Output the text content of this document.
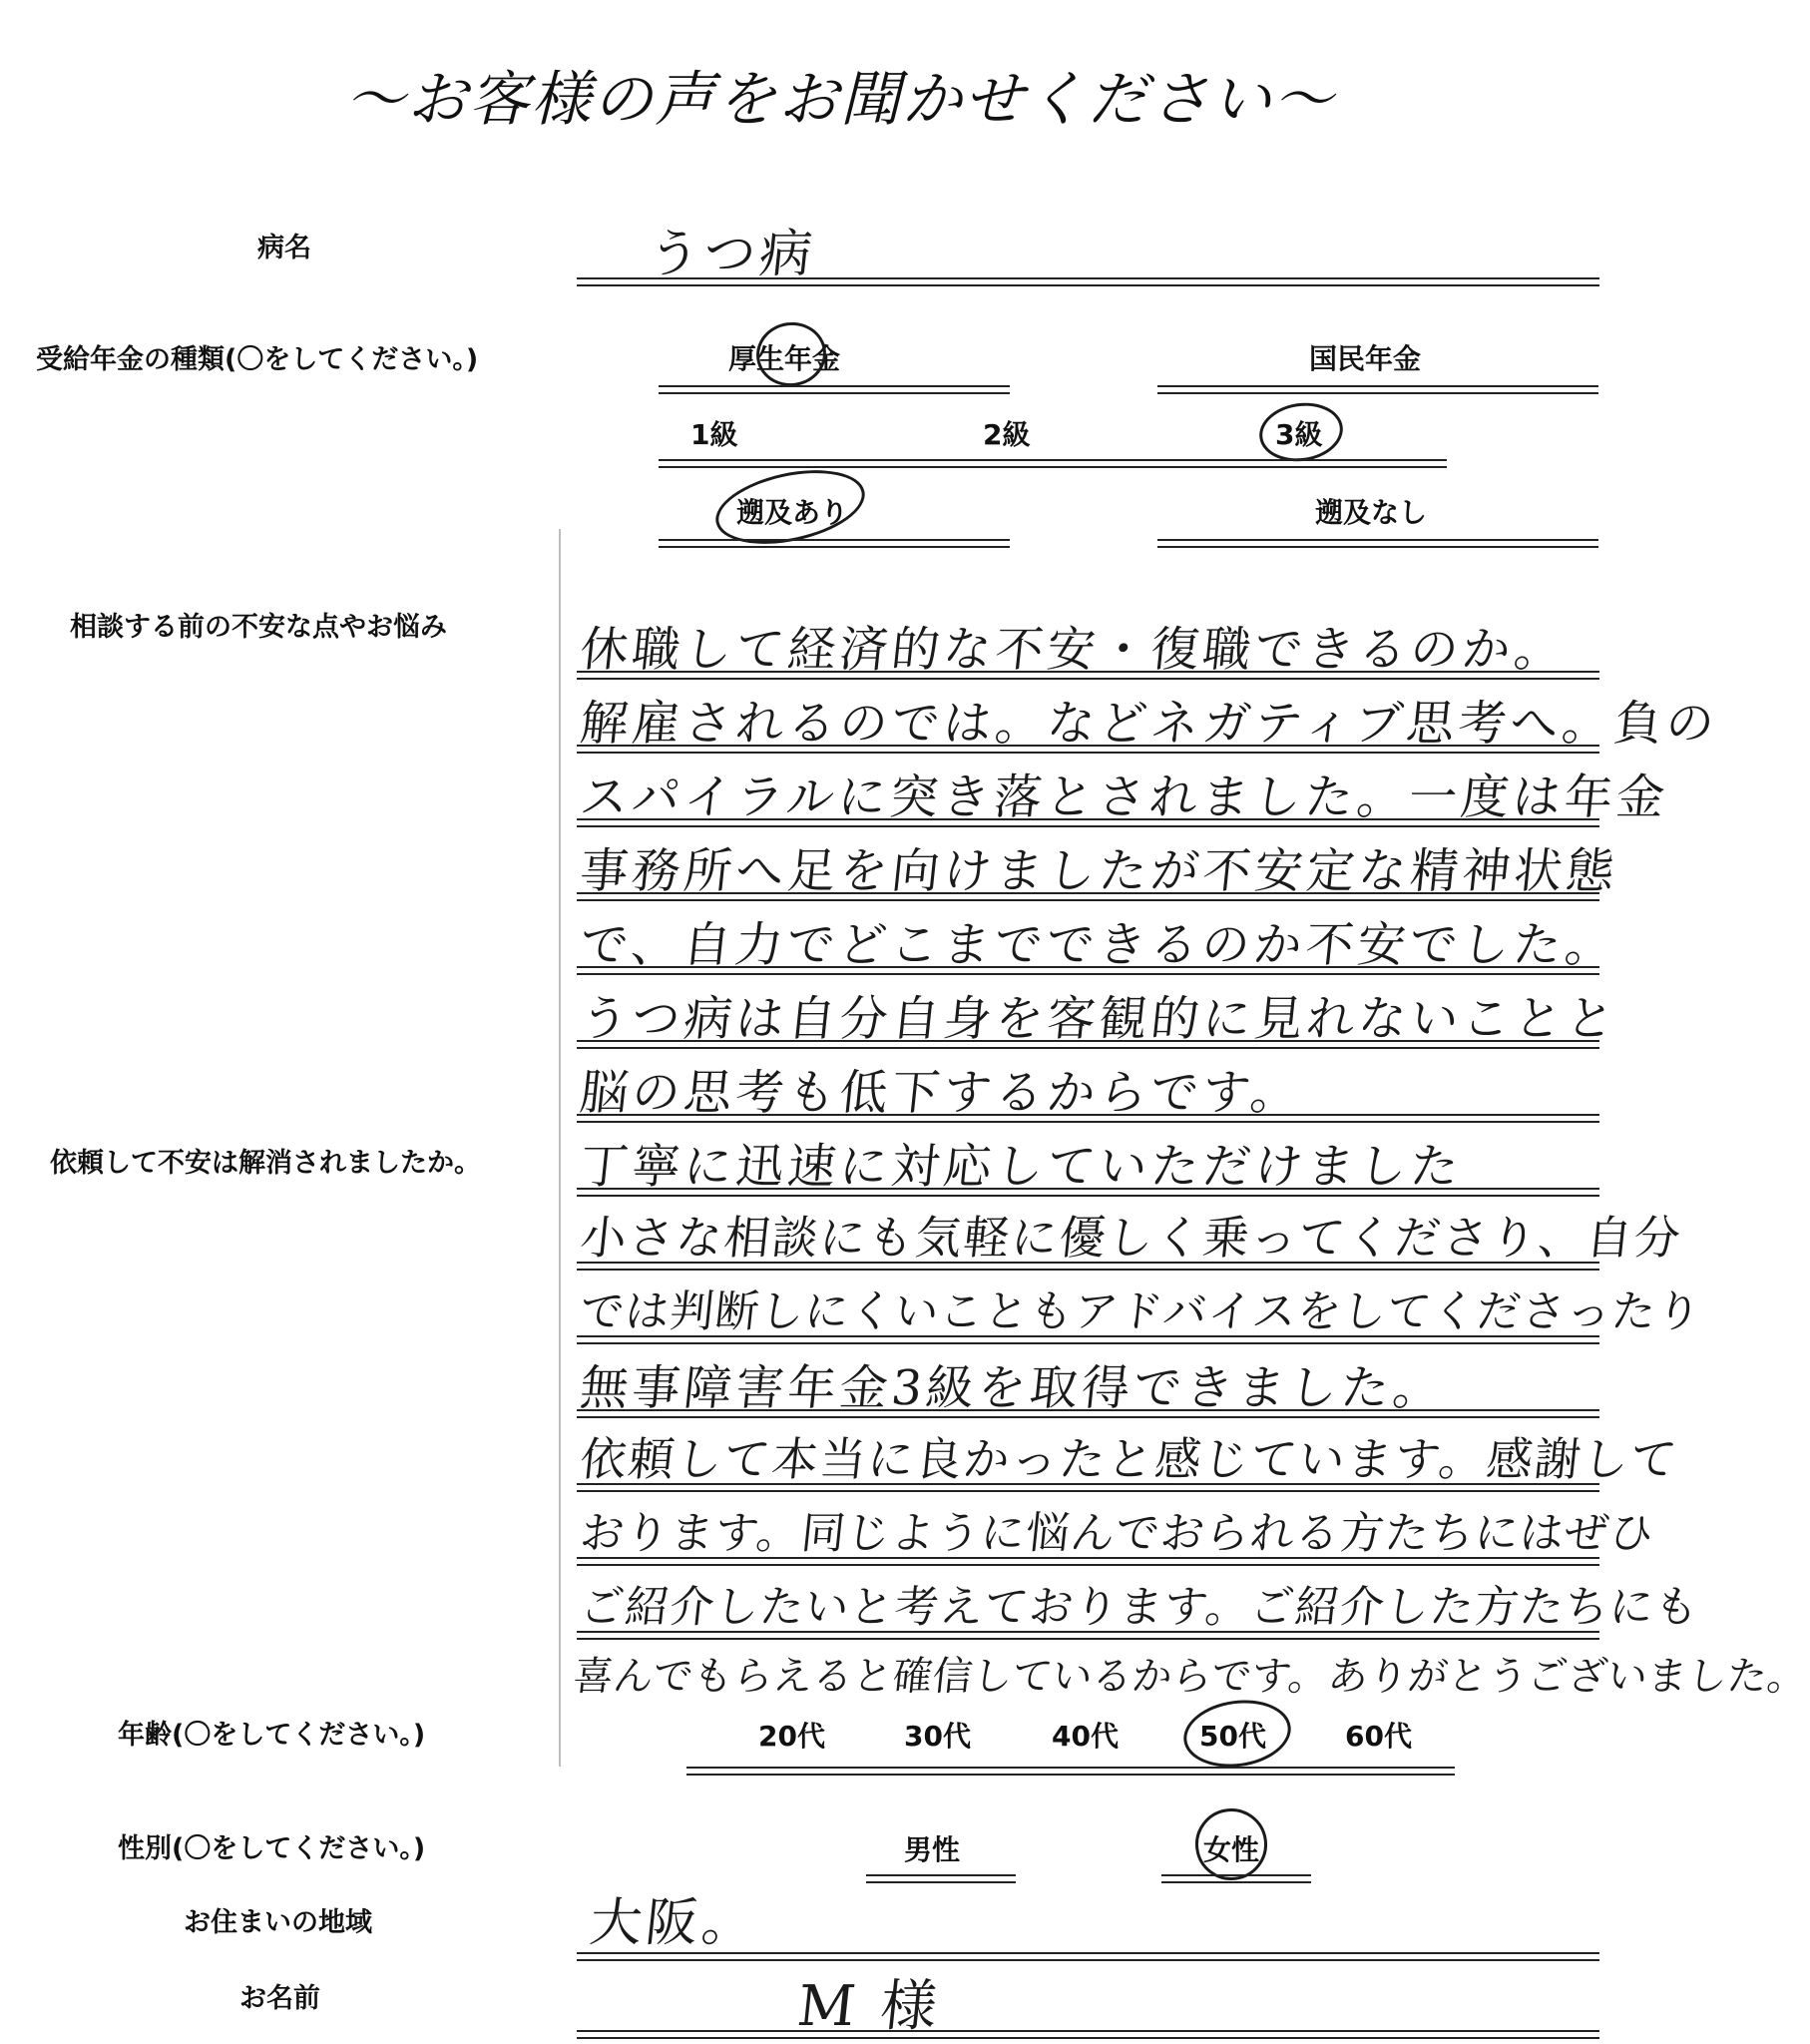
〜お客様の声をお聞かせください〜
病名	うつ病
受給年金の種類(〇をしてください。)	厚生年金	国民年金
1級	2級	3級
遡及あり	遡及なし
相談する前の不安な点やお悩み
依頼して不安は解消されましたか。
休職して経済的な不安・復職できるのか。
解雇されるのでは。などネガティブ思考へ。負の
スパイラルに突き落とされました。一度は年金
事務所へ足を向けましたが不安定な精神状態
で、自力でどこまでできるのか不安でした。
うつ病は自分自身を客観的に見れないことと
脳の思考も低下するからです。
丁寧に迅速に対応していただけました
小さな相談にも気軽に優しく乗ってくださり、自分
では判断しにくいこともアドバイスをしてくださったり
無事障害年金3級を取得できました。
依頼して本当に良かったと感じています。感謝して
おります。同じように悩んでおられる方たちにはぜひ
ご紹介したいと考えております。ご紹介した方たちにも
喜んでもらえると確信しているからです。ありがとうございました。
年齢(〇をしてください。)	20代	30代	40代	50代	60代
性別(〇をしてください。)	男性	女性
お住まいの地域	大阪。
お名前	M 様
